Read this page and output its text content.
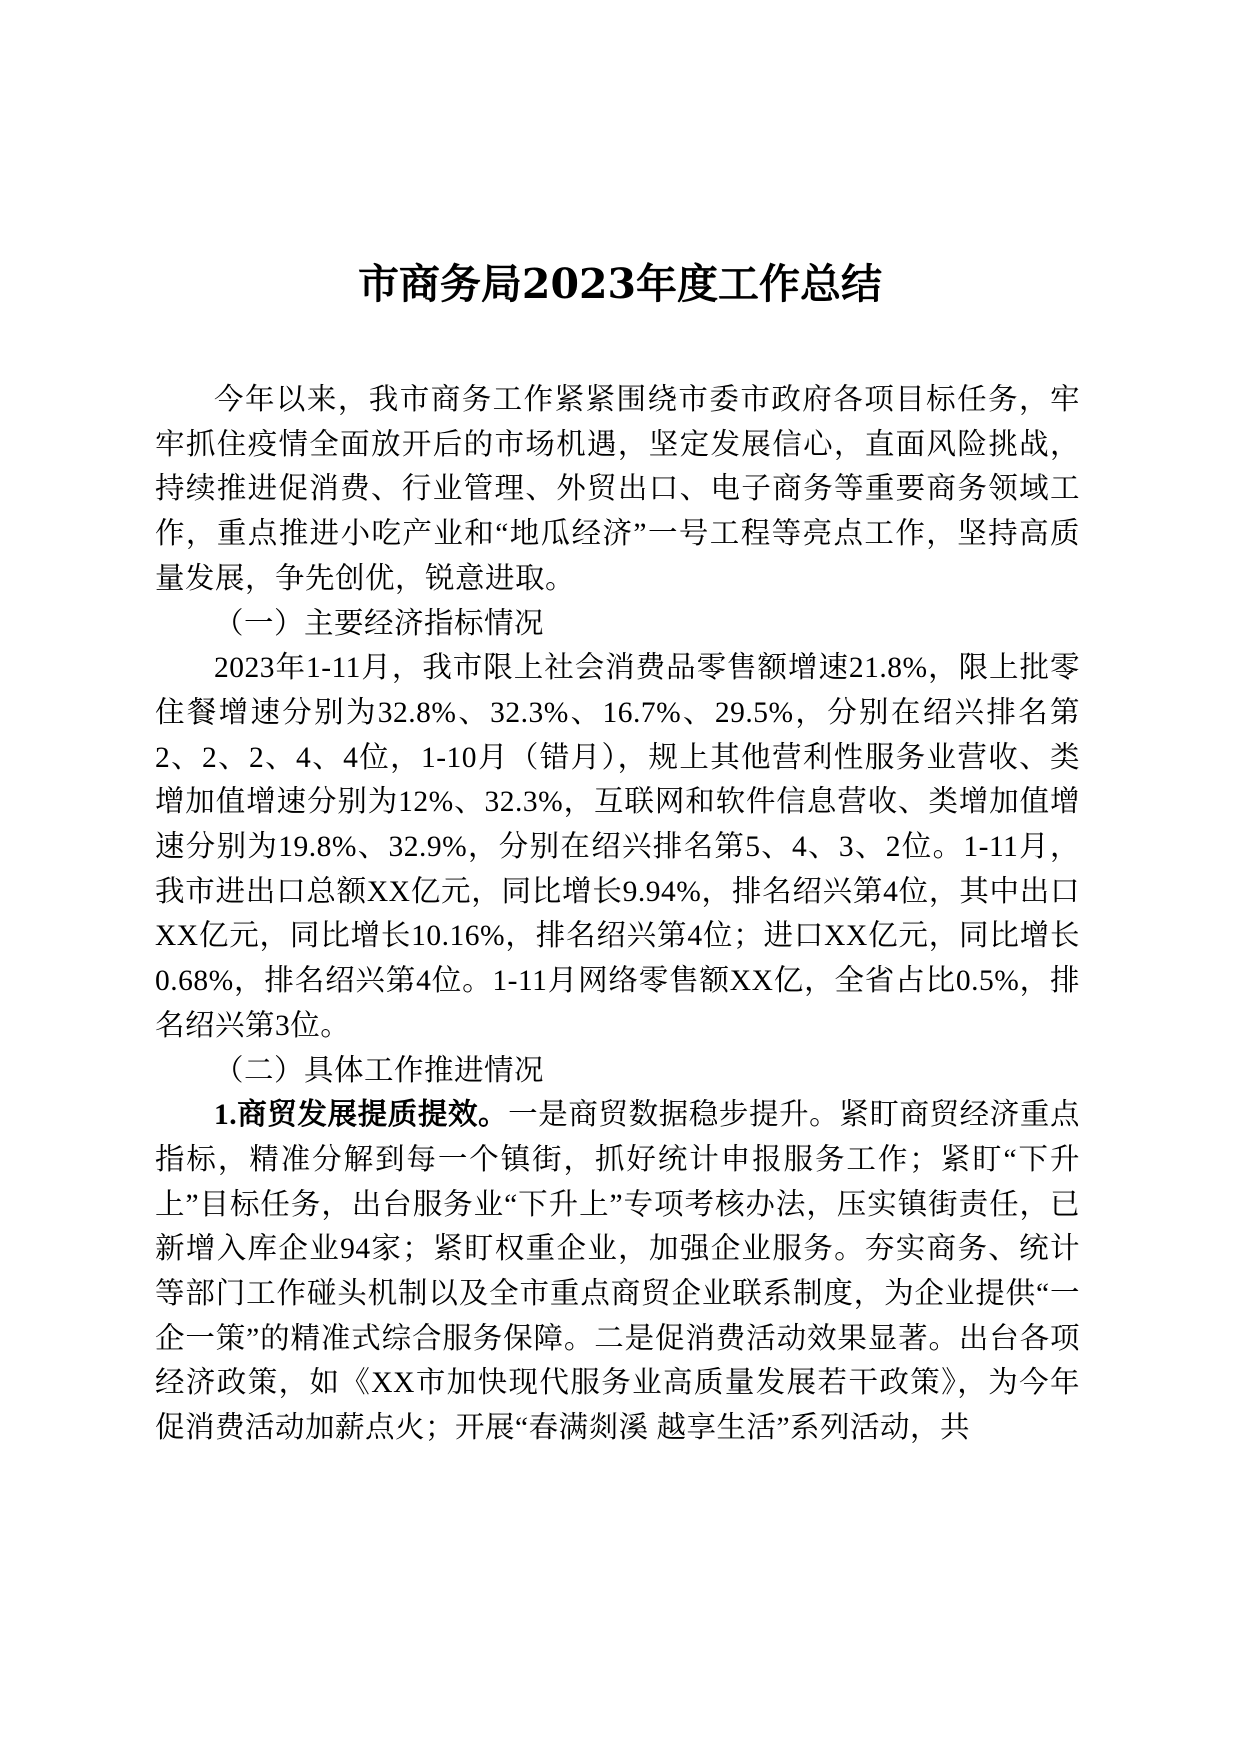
市商务局2023年度工作总结

今年以来，我市商务工作紧紧围绕市委市政府各项目标任务，牢牢抓住疫情全面放开后的市场机遇，坚定发展信心，直面风险挑战，持续推进促消费、行业管理、外贸出口、电子商务等重要商务领域工作，重点推进小吃产业和“地瓜经济”一号工程等亮点工作，坚持高质量发展，争先创优，锐意进取。

（一）主要经济指标情况

2023年1-11月，我市限上社会消费品零售额增速21.8%，限上批零住餐增速分别为32.8%、32.3%、16.7%、29.5%，分别在绍兴排名第2、2、2、4、4位，1-10月（错月），规上其他营利性服务业营收、类增加值增速分别为12%、32.3%，互联网和软件信息营收、类增加值增速分别为19.8%、32.9%，分别在绍兴排名第5、4、3、2位。1-11月，我市进出口总额XX亿元，同比增长9.94%，排名绍兴第4位，其中出口XX亿元，同比增长10.16%，排名绍兴第4位；进口XX亿元，同比增长0.68%，排名绍兴第4位。1-11月网络零售额XX亿，全省占比0.5%，排名绍兴第3位。

（二）具体工作推进情况

1.商贸发展提质提效。一是商贸数据稳步提升。紧盯商贸经济重点指标，精准分解到每一个镇街，抓好统计申报服务工作；紧盯“下升上”目标任务，出台服务业“下升上”专项考核办法，压实镇街责任，已新增入库企业94家；紧盯权重企业，加强企业服务。夯实商务、统计等部门工作碰头机制以及全市重点商贸企业联系制度，为企业提供“一企一策”的精准式综合服务保障。二是促消费活动效果显著。出台各项经济政策，如《XX市加快现代服务业高质量发展若干政策》，为今年促消费活动加薪点火；开展“春满剡溪 越享生活”系列活动，共
